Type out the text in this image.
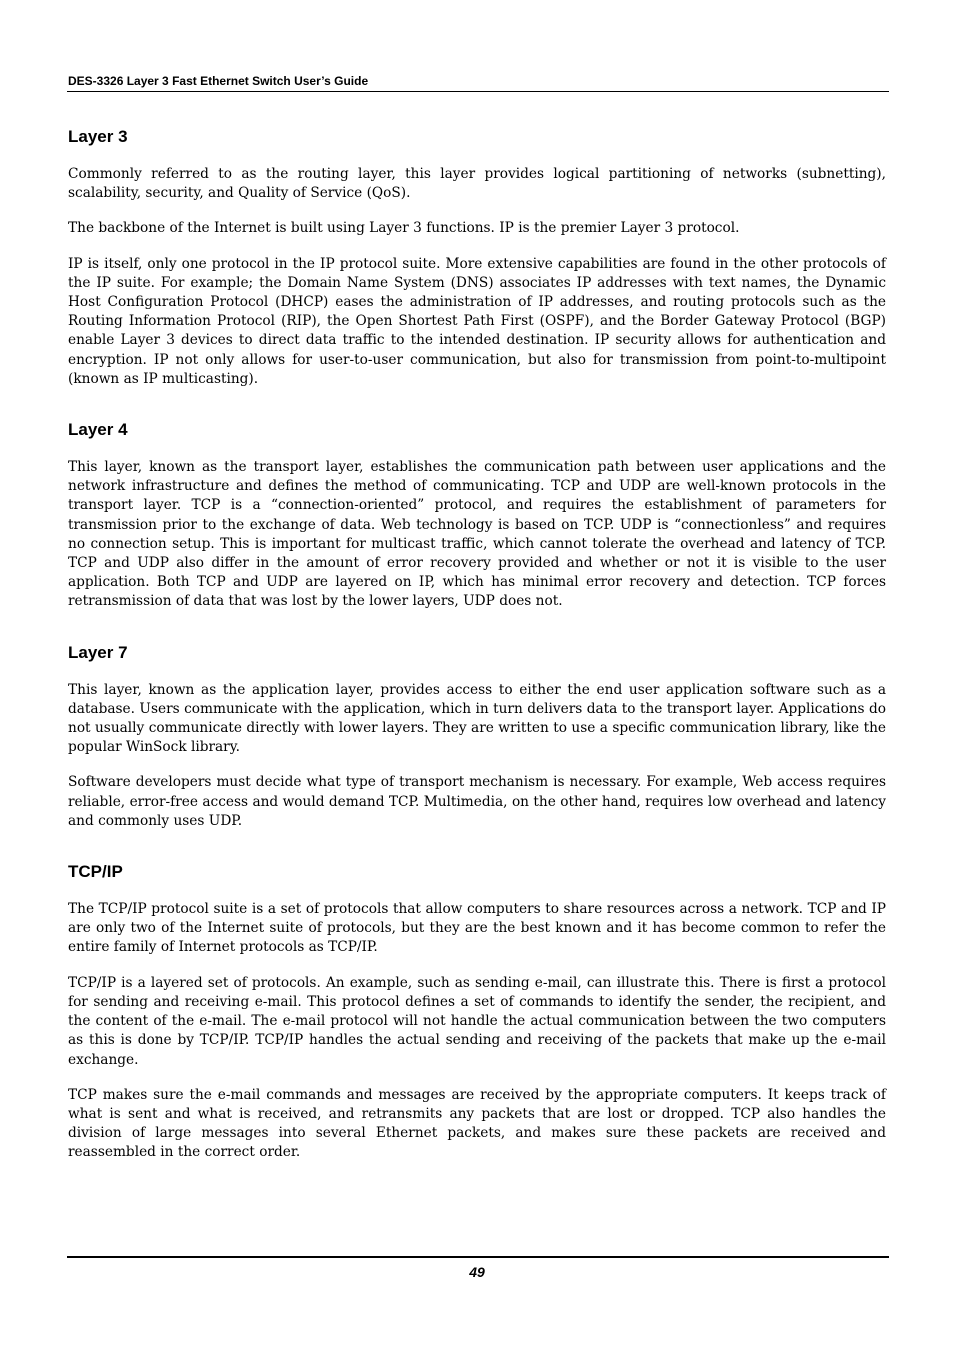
DES-3326 Layer 3 Fast Ethernet Switch User’s Guide
Layer 3

Commonly referred to as the routing layer, this layer provides logical partitioning of networks (subnetting), scalability, security, and Quality of Service (QoS).

The backbone of the Internet is built using Layer 3 functions. IP is the premier Layer 3 protocol.

IP is itself, only one protocol in the IP protocol suite. More extensive capabilities are found in the other protocols of the IP suite. For example; the Domain Name System (DNS) associates IP addresses with text names, the Dynamic Host Configuration Protocol (DHCP) eases the administration of IP addresses, and routing protocols such as the Routing Information Protocol (RIP), the Open Shortest Path First (OSPF), and the Border Gateway Protocol (BGP) enable Layer 3 devices to direct data traffic to the intended destination. IP security allows for authentication and encryption. IP not only allows for user-to-user communication, but also for transmission from point-to-multipoint (known as IP multicasting).

Layer 4

This layer, known as the transport layer, establishes the communication path between user applications and the network infrastructure and defines the method of communicating. TCP and UDP are well-known protocols in the transport layer. TCP is a “connection-oriented” protocol, and requires the establishment of parameters for transmission prior to the exchange of data. Web technology is based on TCP. UDP is “connectionless” and requires no connection setup. This is important for multicast traffic, which cannot tolerate the overhead and latency of TCP. TCP and UDP also differ in the amount of error recovery provided and whether or not it is visible to the user application. Both TCP and UDP are layered on IP, which has minimal error recovery and detection. TCP forces retransmission of data that was lost by the lower layers, UDP does not.

Layer 7

This layer, known as the application layer, provides access to either the end user application software such as a database. Users communicate with the application, which in turn delivers data to the transport layer. Applications do not usually communicate directly with lower layers. They are written to use a specific communication library, like the popular WinSock library.

Software developers must decide what type of transport mechanism is necessary. For example, Web access requires reliable, error-free access and would demand TCP. Multimedia, on the other hand, requires low overhead and latency and commonly uses UDP.

TCP/IP

The TCP/IP protocol suite is a set of protocols that allow computers to share resources across a network. TCP and IP are only two of the Internet suite of protocols, but they are the best known and it has become common to refer the entire family of Internet protocols as TCP/IP.

TCP/IP is a layered set of protocols. An example, such as sending e-mail, can illustrate this. There is first a protocol for sending and receiving e-mail. This protocol defines a set of commands to identify the sender, the recipient, and the content of the e-mail. The e-mail protocol will not handle the actual communication between the two computers as this is done by TCP/IP. TCP/IP handles the actual sending and receiving of the packets that make up the e-mail exchange.

TCP makes sure the e-mail commands and messages are received by the appropriate computers. It keeps track of what is sent and what is received, and retransmits any packets that are lost or dropped. TCP also handles the division of large messages into several Ethernet packets, and makes sure these packets are received and reassembled in the correct order.

49
